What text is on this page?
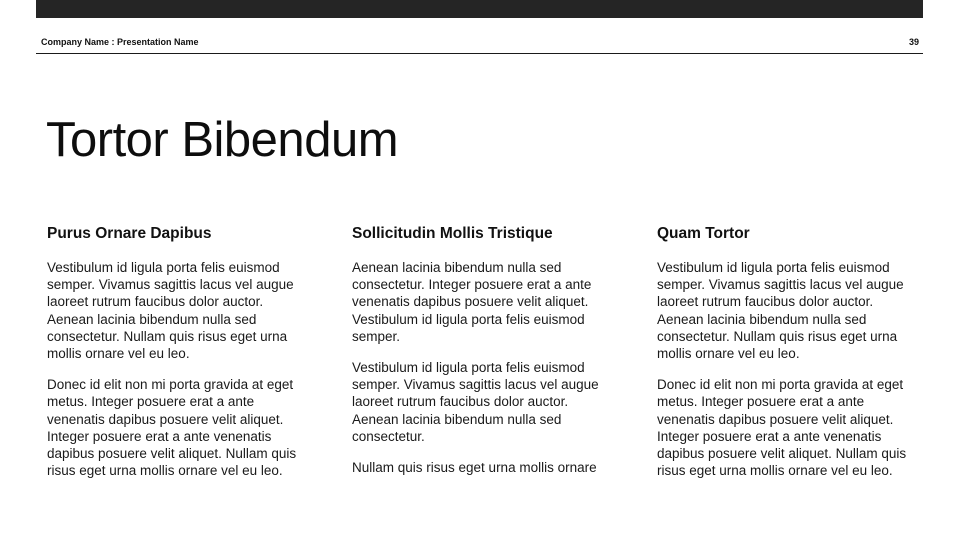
Company Name : Presentation Name	39
Tortor Bibendum
Purus Ornare Dapibus

Vestibulum id ligula porta felis euismod semper. Vivamus sagittis lacus vel augue laoreet rutrum faucibus dolor auctor. Aenean lacinia bibendum nulla sed consectetur. Nullam quis risus eget urna mollis ornare vel eu leo.

Donec id elit non mi porta gravida at eget metus. Integer posuere erat a ante venenatis dapibus posuere velit aliquet. Integer posuere erat a ante venenatis dapibus posuere velit aliquet. Nullam quis risus eget urna mollis ornare vel eu leo.

Sollicitudin Mollis Tristique

Aenean lacinia bibendum nulla sed consectetur. Integer posuere erat a ante venenatis dapibus posuere velit aliquet. Vestibulum id ligula porta felis euismod semper.

Vestibulum id ligula porta felis euismod semper. Vivamus sagittis lacus vel augue laoreet rutrum faucibus dolor auctor. Aenean lacinia bibendum nulla sed consectetur.

Nullam quis risus eget urna mollis ornare

Quam Tortor

Vestibulum id ligula porta felis euismod semper. Vivamus sagittis lacus vel augue laoreet rutrum faucibus dolor auctor. Aenean lacinia bibendum nulla sed consectetur. Nullam quis risus eget urna mollis ornare vel eu leo.

Donec id elit non mi porta gravida at eget metus. Integer posuere erat a ante venenatis dapibus posuere velit aliquet. Integer posuere erat a ante venenatis dapibus posuere velit aliquet. Nullam quis risus eget urna mollis ornare vel eu leo.
